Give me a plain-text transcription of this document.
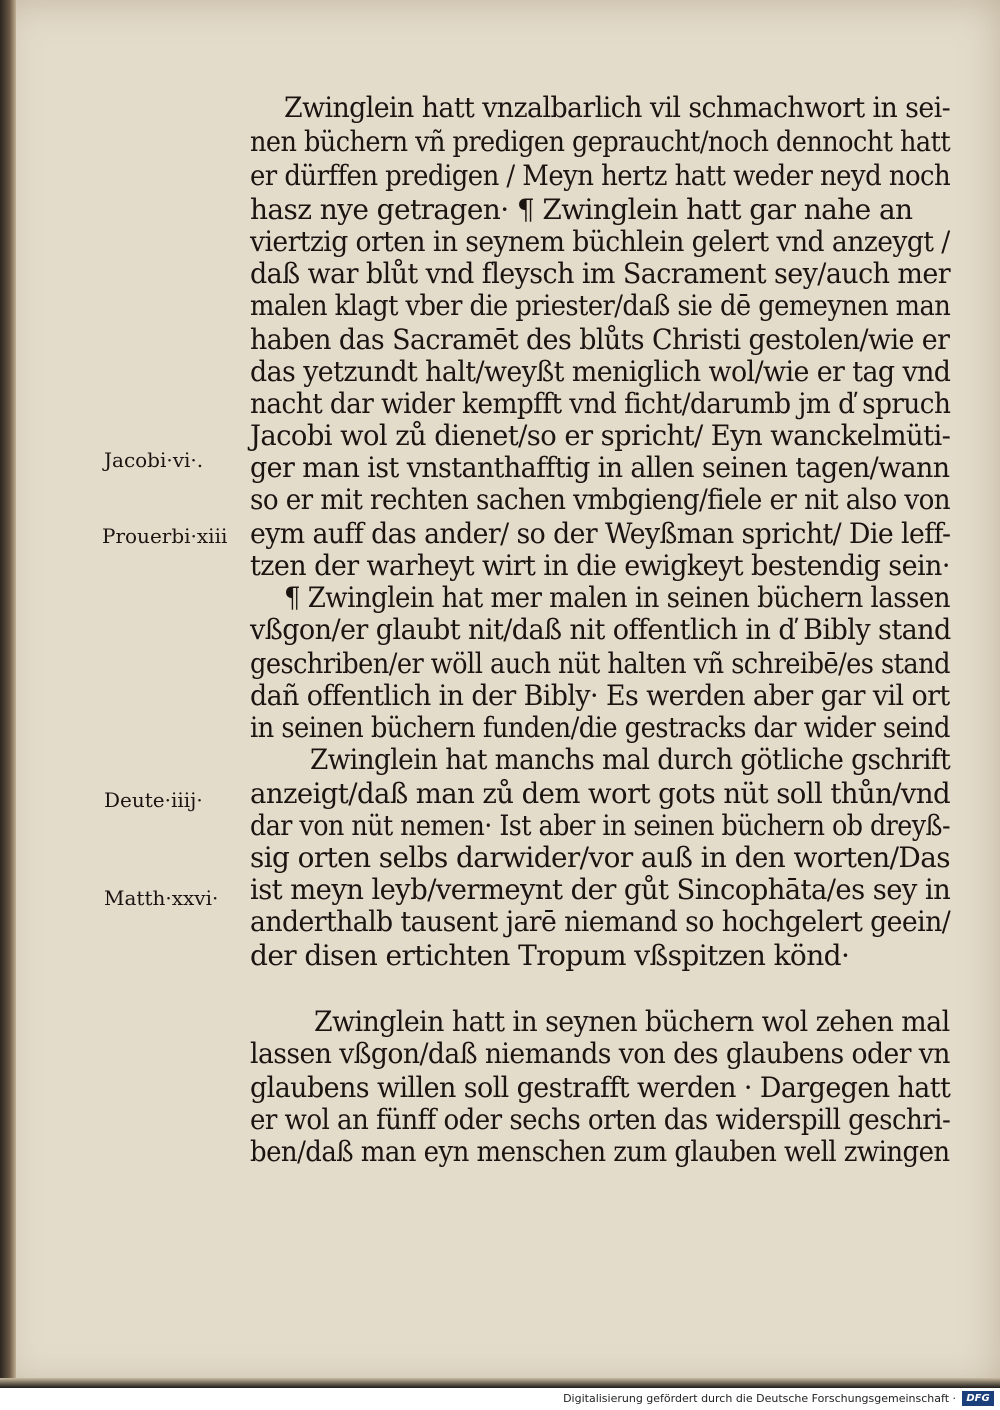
Jacobi·vi·.
Prouerbi·xiii
Deute·iiij·
Matth·xxvi·
Zwinglein hatt vnzalbarlich vil schmachwort in sei-
nen büchern vñ predigen gepraucht/noch dennocht hatt
er dürffen predigen / Meyn hertz hatt weder neyd noch
hasz nye getragen· ¶ Zwinglein hatt gar nahe an
viertzig orten in seynem büchlein gelert vnd anzeygt /
daß war blůt vnd fleysch im Sacrament sey/auch mer
malen klagt vber die priester/daß sie dē gemeynen man
haben das Sacramēt des blůts Christi gestolen/wie er
das yetzundt halt/weyßt meniglich wol/wie er tag vnd
nacht dar wider kempfft vnd ficht/darumb jm ď spruch
Jacobi wol zů dienet/so er spricht/ Eyn wanckelmüti-
ger man ist vnstanthafftig in allen seinen tagen/wann
so er mit rechten sachen vmbgieng/fiele er nit also von
eym auff das ander/ so der Weyßman spricht/ Die leff-
tzen der warheyt wirt in die ewigkeyt bestendig sein·
¶ Zwinglein hat mer malen in seinen büchern lassen
vßgon/er glaubt nit/daß nit offentlich in ď Bibly stand
geschriben/er wöll auch nüt halten vñ schreibē/es stand
dañ offentlich in der Bibly· Es werden aber gar vil ort
in seinen büchern funden/die gestracks dar wider seind
Zwinglein hat manchs mal durch götliche gschrift
anzeigt/daß man zů dem wort gots nüt soll thůn/vnd
dar von nüt nemen· Ist aber in seinen büchern ob dreyß-
sig orten selbs darwider/vor auß in den worten/Das
ist meyn leyb/vermeynt der gůt Sincophāta/es sey in
anderthalb tausent jarē niemand so hochgelert geein/
der disen ertichten Tropum vßspitzen könd·
Zwinglein hatt in seynen büchern wol zehen mal
lassen vßgon/daß niemands von des glaubens oder vn
glaubens willen soll gestrafft werden · Dargegen hatt
er wol an fünff oder sechs orten das widerspill geschri-
ben/daß man eyn menschen zum glauben well zwingen
Digitalisierung gefördert durch die Deutsche Forschungsgemeinschaft ·	DFG
